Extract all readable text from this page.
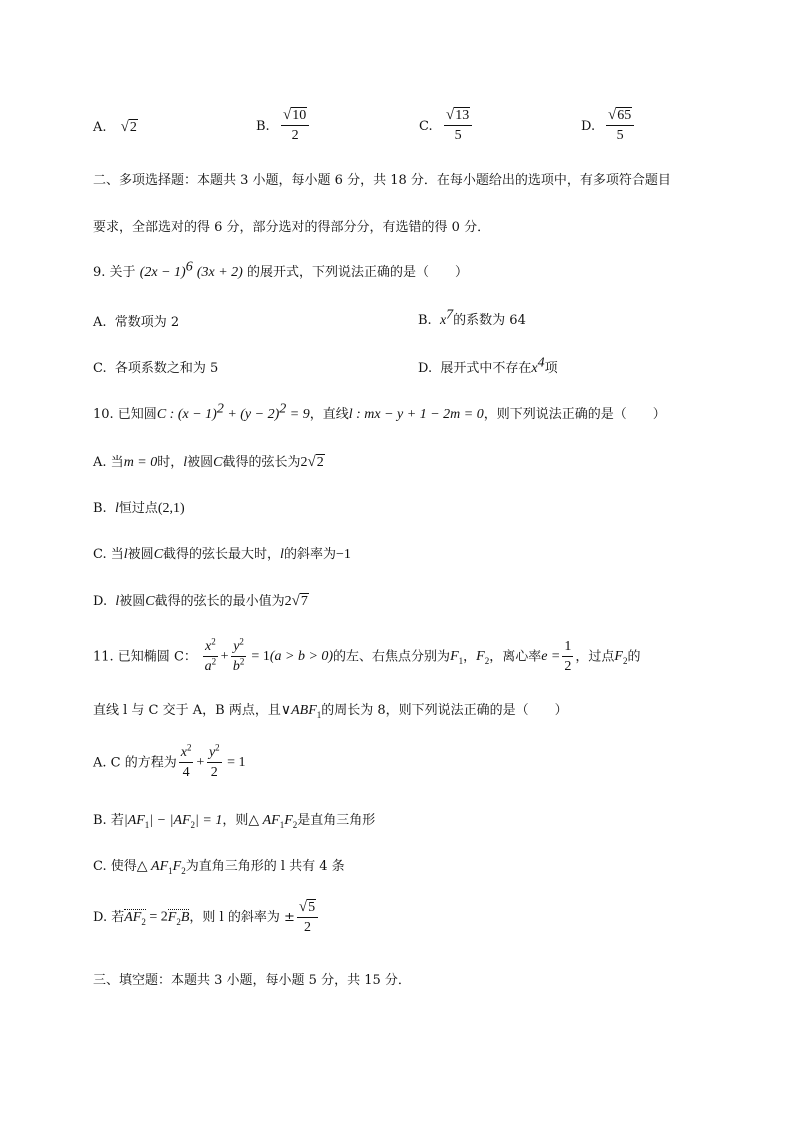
A. √2	B. $\frac{√10}{2}$	C. $\frac{√13}{5}$	D. $\frac{√65}{5}$
二、多项选择题：本题共 3 小题，每小题 6 分，共 18 分．在每小题给出的选项中，有多项符合题目
要求，全部选对的得 6 分，部分选对的得部分分，有选错的得 0 分．
9. 关于 $(2x - 1)^6$ (3x + 2) 的展开式，下列说法正确的是（　　）
A. 常数项为 2	B. $x^7$的系数为 64
C. 各项系数之和为 5	D. 展开式中不存在$x^4$项
10. 已知圆C : $(x - 1)^2 + (y - 2)^2 = 9$，直线l : mx − y + 1 − 2m = 0，则下列说法正确的是（　　）
A. 当m = 0时，l被圆C截得的弦长为2√2
B. l恒过点(2,1)
C. 当l被圆C截得的弦长最大时，l的斜率为−1
D. l被圆C截得的弦长的最小值为2√7
11. 已知椭圆 C： $\frac{x^2}{a^2} + \frac{y^2}{b^2} = 1(a > b > 0)$的左、右焦点分别为$F_1$，$F_2$，离心率$e = \frac{1}{2}$ ，过点$F_2$的
直线 l 与 C 交于 A，B 两点，且$\vee ABF_1$的周长为 8，则下列说法正确的是（　　）
A. C 的方程为 $\frac{x^2}{4} + \frac{y^2}{2} = 1$
B. 若$|AF_1| - |AF_2| = 1$，则△ $AF_1F_2$是直角三角形
C. 使得△ $AF_1F_2$为直角三角形的 l 共有 4 条
D. 若$AF_2 = 2F_2B$，则 l 的斜率为 ± $\frac{√5}{2}$
三、填空题：本题共 3 小题，每小题 5 分，共 15 分．
